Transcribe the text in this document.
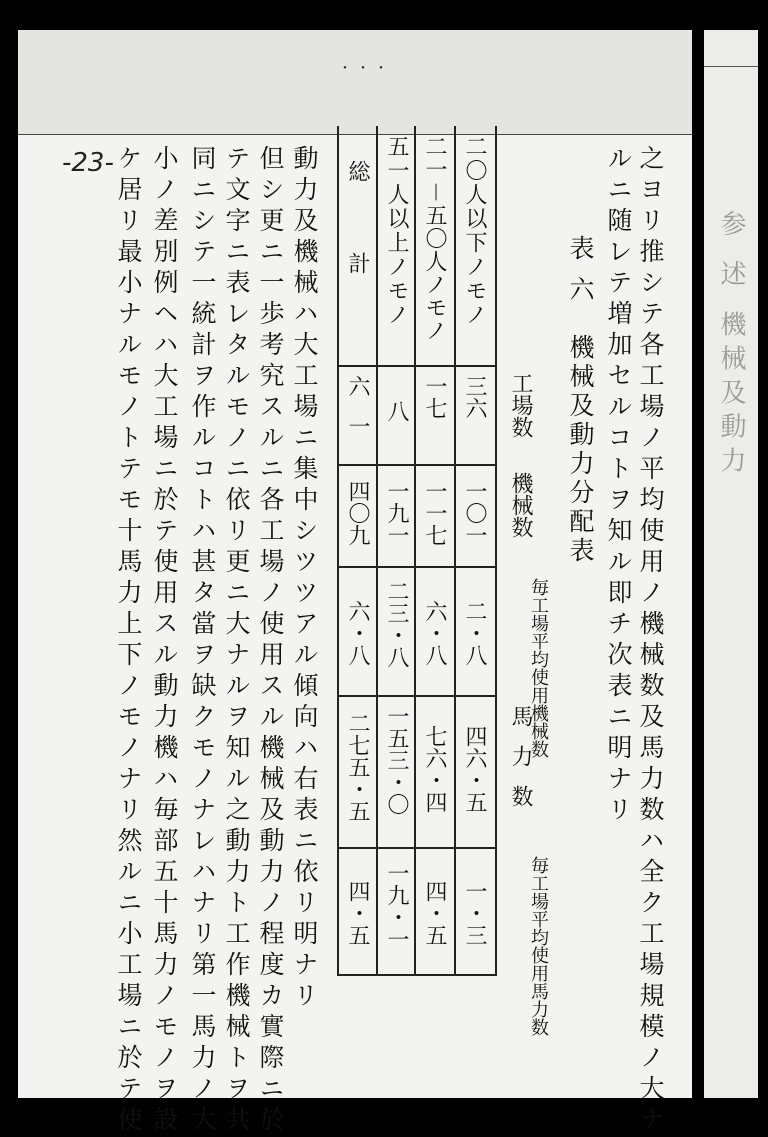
・・・
参 述 機械及動力
-23-	之ヨリ推シテ各工場ノ平均使用ノ機械数及馬力数ハ全ク工場規模ノ大ナ
ルニ随レテ増加セルコトヲ知ル即チ次表ニ明ナリ
表 六　機械及動力分配表
工場数
機械数
毎工場平均使用機械数
馬力数
毎工場平均使用馬力数
二〇人以下ノモノ
三六
一〇一
二・八
四六・五
一・三
二一－五〇人ノモノ
一七
一一七
六・八
七六・四
四・五
五一人以上ノモノ
八
一九一
二三・八
一五三・〇
一九・一
総計
六一
四〇九
六・八
二七五・五
四・五
動力及機械ハ大工場ニ集中シツツアル傾向ハ右表ニ依リ明ナリ
但シ更ニ一歩考究スルニ各工場ノ使用スル機械及動力ノ程度カ實際ニ於
テ文字ニ表レタルモノニ依リ更ニ大ナルヲ知ル之動力ト工作機械トヲ共
同ニシテ一統計ヲ作ルコトハ甚タ當ヲ缺クモノナレハナリ第一馬力ノ大
小ノ差別例ヘハ大工場ニ於テ使用スル動力機ハ毎部五十馬力ノモノヲ設
ケ居リ最小ナルモノトテモ十馬力上下ノモノナリ然ルニ小工場ニ於テ使
